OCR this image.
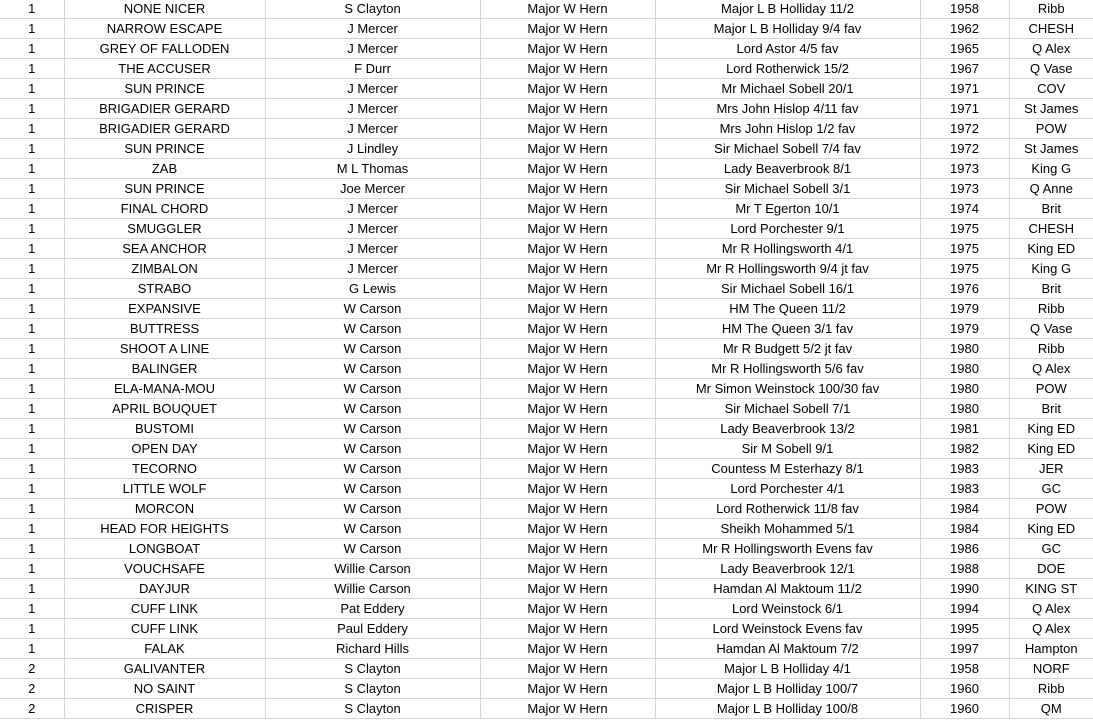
1	NONE NICER	S Clayton	Major W Hern	Major L B Holliday 11/2	1958	Ribb
1	NARROW ESCAPE	J Mercer	Major W Hern	Major L B Holliday 9/4 fav	1962	CHESH
1	GREY OF FALLODEN	J Mercer	Major W Hern	Lord Astor 4/5 fav	1965	Q Alex
1	THE ACCUSER	F Durr	Major W Hern	Lord Rotherwick 15/2	1967	Q Vase
1	SUN PRINCE	J Mercer	Major W Hern	Mr Michael Sobell 20/1	1971	COV
1	BRIGADIER GERARD	J Mercer	Major W Hern	Mrs John Hislop 4/11 fav	1971	St James
1	BRIGADIER GERARD	J Mercer	Major W Hern	Mrs John Hislop 1/2 fav	1972	POW
1	SUN PRINCE	J Lindley	Major W Hern	Sir Michael Sobell 7/4 fav	1972	St James
1	ZAB	M L Thomas	Major W Hern	Lady Beaverbrook 8/1	1973	King G
1	SUN PRINCE	Joe Mercer	Major W Hern	Sir Michael Sobell 3/1	1973	Q Anne
1	FINAL CHORD	J Mercer	Major W Hern	Mr T Egerton 10/1	1974	Brit
1	SMUGGLER	J Mercer	Major W Hern	Lord Porchester 9/1	1975	CHESH
1	SEA ANCHOR	J Mercer	Major W Hern	Mr R Hollingsworth 4/1	1975	King ED
1	ZIMBALON	J Mercer	Major W Hern	Mr R Hollingsworth 9/4 jt fav	1975	King G
1	STRABO	G Lewis	Major W Hern	Sir Michael Sobell 16/1	1976	Brit
1	EXPANSIVE	W Carson	Major W Hern	HM The Queen 11/2	1979	Ribb
1	BUTTRESS	W Carson	Major W Hern	HM The Queen 3/1 fav	1979	Q Vase
1	SHOOT A LINE	W Carson	Major W Hern	Mr R Budgett 5/2 jt fav	1980	Ribb
1	BALINGER	W Carson	Major W Hern	Mr R Hollingsworth 5/6 fav	1980	Q Alex
1	ELA-MANA-MOU	W Carson	Major W Hern	Mr Simon Weinstock 100/30 fav	1980	POW
1	APRIL BOUQUET	W Carson	Major W Hern	Sir Michael Sobell 7/1	1980	Brit
1	BUSTOMI	W Carson	Major W Hern	Lady Beaverbrook 13/2	1981	King ED
1	OPEN DAY	W Carson	Major W Hern	Sir M Sobell 9/1	1982	King ED
1	TECORNO	W Carson	Major W Hern	Countess M Esterhazy 8/1	1983	JER
1	LITTLE WOLF	W Carson	Major W Hern	Lord Porchester 4/1	1983	GC
1	MORCON	W Carson	Major W Hern	Lord Rotherwick 11/8 fav	1984	POW
1	HEAD FOR HEIGHTS	W Carson	Major W Hern	Sheikh Mohammed 5/1	1984	King ED
1	LONGBOAT	W Carson	Major W Hern	Mr R Hollingsworth Evens fav	1986	GC
1	VOUCHSAFE	Willie Carson	Major W Hern	Lady Beaverbrook 12/1	1988	DOE
1	DAYJUR	Willie Carson	Major W Hern	Hamdan Al Maktoum 11/2	1990	KING ST
1	CUFF LINK	Pat Eddery	Major W Hern	Lord Weinstock 6/1	1994	Q Alex
1	CUFF LINK	Paul Eddery	Major W Hern	Lord Weinstock Evens fav	1995	Q Alex
1	FALAK	Richard Hills	Major W Hern	Hamdan Al Maktoum 7/2	1997	Hampton
2	GALIVANTER	S Clayton	Major W Hern	Major L B Holliday 4/1	1958	NORF
2	NO SAINT	S Clayton	Major W Hern	Major L B Holliday 100/7	1960	Ribb
2	CRISPER	S Clayton	Major W Hern	Major L B Holliday 100/8	1960	QM
